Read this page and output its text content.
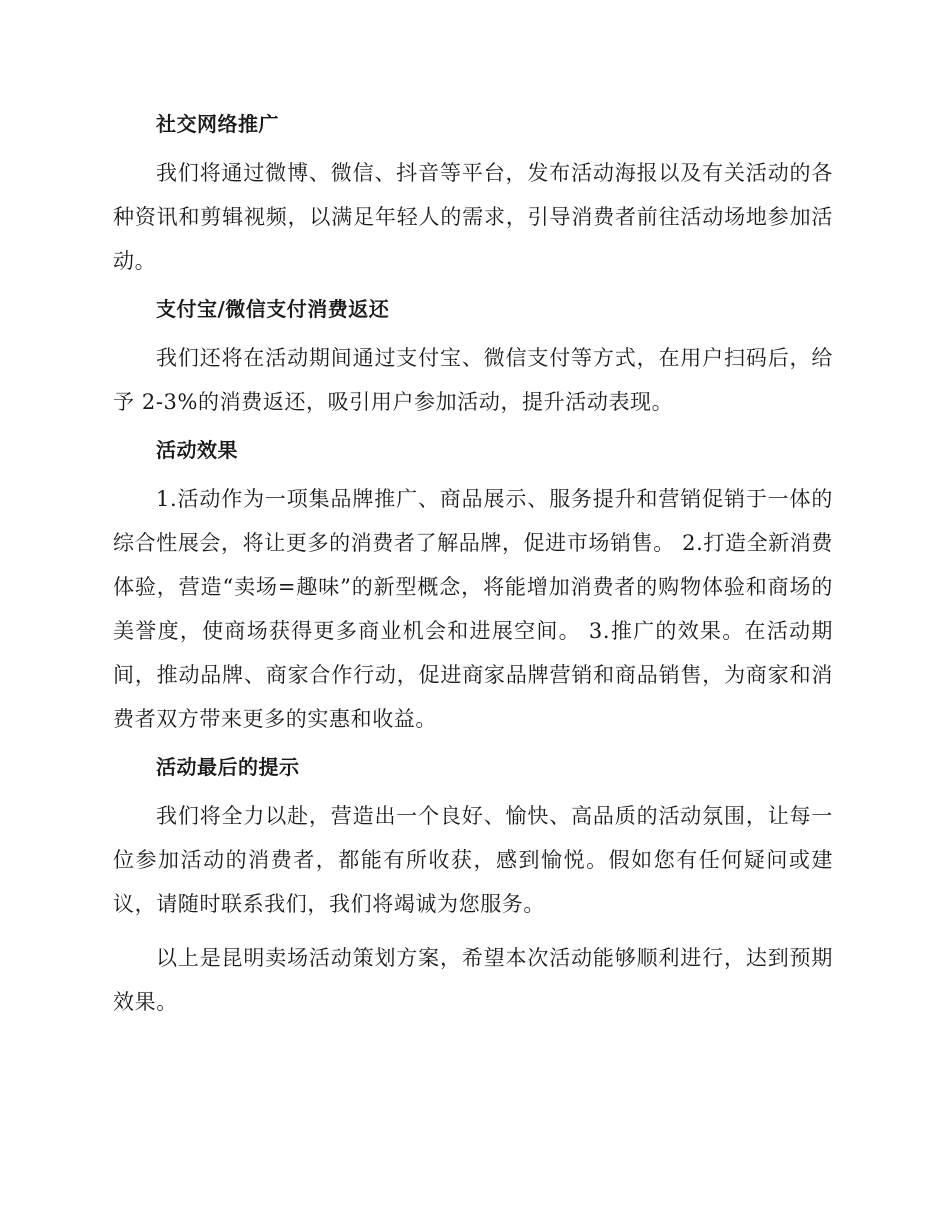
社交网络推广

我们将通过微博、微信、抖音等平台，发布活动海报以及有关活动的各种资讯和剪辑视频，以满足年轻人的需求，引导消费者前往活动场地参加活动。

支付宝/微信支付消费返还

我们还将在活动期间通过支付宝、微信支付等方式，在用户扫码后，给予 2-3%的消费返还，吸引用户参加活动，提升活动表现。

活动效果

1.活动作为一项集品牌推广、商品展示、服务提升和营销促销于一体的综合性展会，将让更多的消费者了解品牌，促进市场销售。 2.打造全新消费体验，营造“卖场=趣味”的新型概念，将能增加消费者的购物体验和商场的美誉度，使商场获得更多商业机会和进展空间。 3.推广的效果。在活动期间，推动品牌、商家合作行动，促进商家品牌营销和商品销售，为商家和消费者双方带来更多的实惠和收益。

活动最后的提示

我们将全力以赴，营造出一个良好、愉快、高品质的活动氛围，让每一位参加活动的消费者，都能有所收获，感到愉悦。假如您有任何疑问或建议，请随时联系我们，我们将竭诚为您服务。

以上是昆明卖场活动策划方案，希望本次活动能够顺利进行，达到预期效果。
